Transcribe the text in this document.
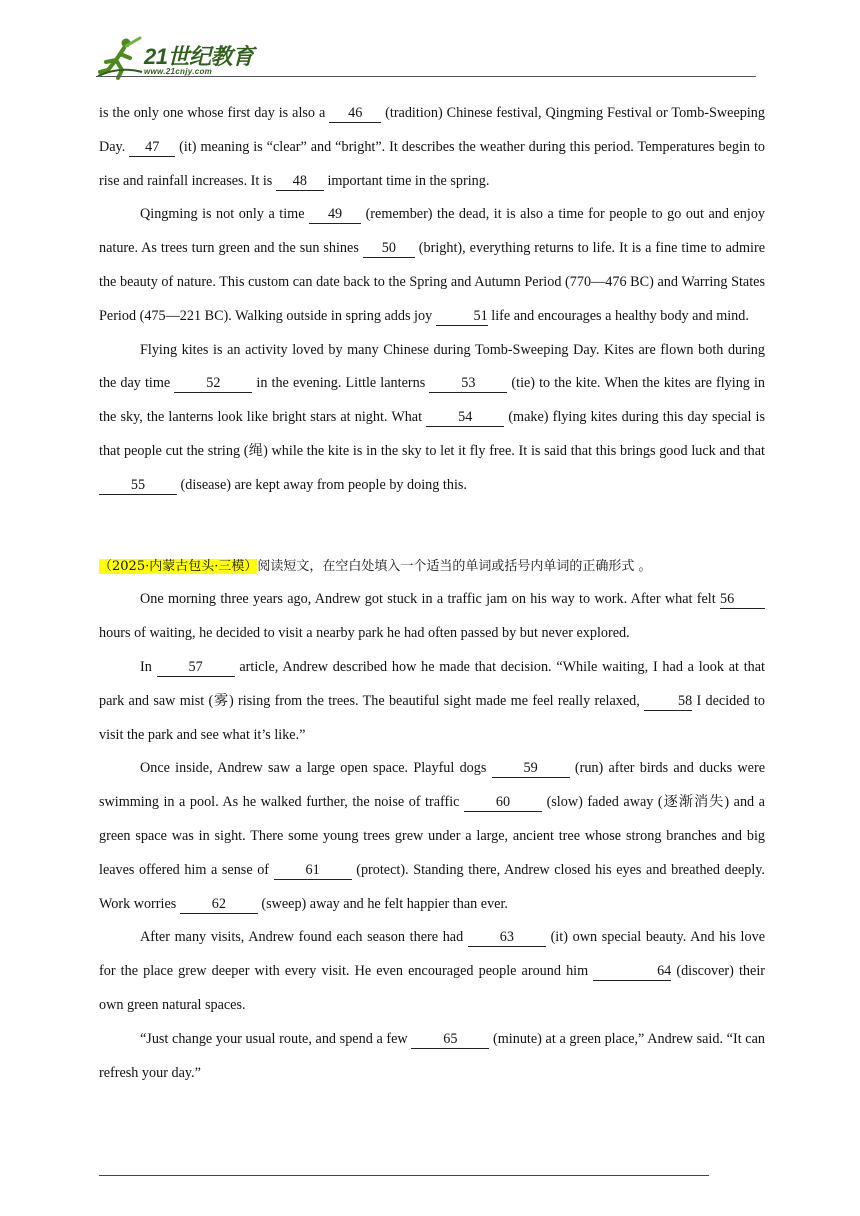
21世纪教育
www.21cnjy.com

is the only one whose first day is also a 46 (tradition) Chinese festival, Qingming Festival or Tomb-Sweeping Day. 47 (it) meaning is “clear” and “bright”. It describes the weather during this period. Temperatures begin to rise and rainfall increases. It is 48 important time in the spring.

Qingming is not only a time 49 (remember) the dead, it is also a time for people to go out and enjoy nature. As trees turn green and the sun shines 50 (bright), everything returns to life. It is a fine time to admire the beauty of nature. This custom can date back to the Spring and Autumn Period (770—476 BC) and Warring States Period (475—221 BC). Walking outside in spring adds joy	51 life and encourages a healthy body and mind.

Flying kites is an activity loved by many Chinese during Tomb-Sweeping Day. Kites are flown both during the day time 52 in the evening. Little lanterns 53 (tie) to the kite. When the kites are flying in the sky, the lanterns look like bright stars at night. What 54 (make) flying kites during this day special is that people cut the string (绳) while the kite is in the sky to let it fly free. It is said that this brings good luck and that 55 (disease) are kept away from people by doing this.

（2025·内蒙古包头·三模）阅读短文，在空白处填入一个适当的单词或括号内单词的正确形式 。

One morning three years ago, Andrew got stuck in a traffic jam on his way to work. After what felt 56 hours of waiting, he decided to visit a nearby park he had often passed by but never explored.

In 57 article, Andrew described how he made that decision. “While waiting, I had a look at that park and saw mist (雾) rising from the trees. The beautiful sight made me feel really relaxed, 58 I decided to visit the park and see what it’s like.”

Once inside, Andrew saw a large open space. Playful dogs 59 (run) after birds and ducks were swimming in a pool. As he walked further, the noise of traffic 60 (slow) faded away (逐渐消失) and a green space was in sight. There some young trees grew under a large, ancient tree whose strong branches and big leaves offered him a sense of 61 (protect). Standing there, Andrew closed his eyes and breathed deeply. Work worries 62 (sweep) away and he felt happier than ever.

After many visits, Andrew found each season there had 63 (it) own special beauty. And his love for the place grew deeper with every visit. He even encouraged people around him	64 (discover) their own green natural spaces.

“Just change your usual route, and spend a few 65 (minute) at a green place,” Andrew said. “It can refresh your day.”
